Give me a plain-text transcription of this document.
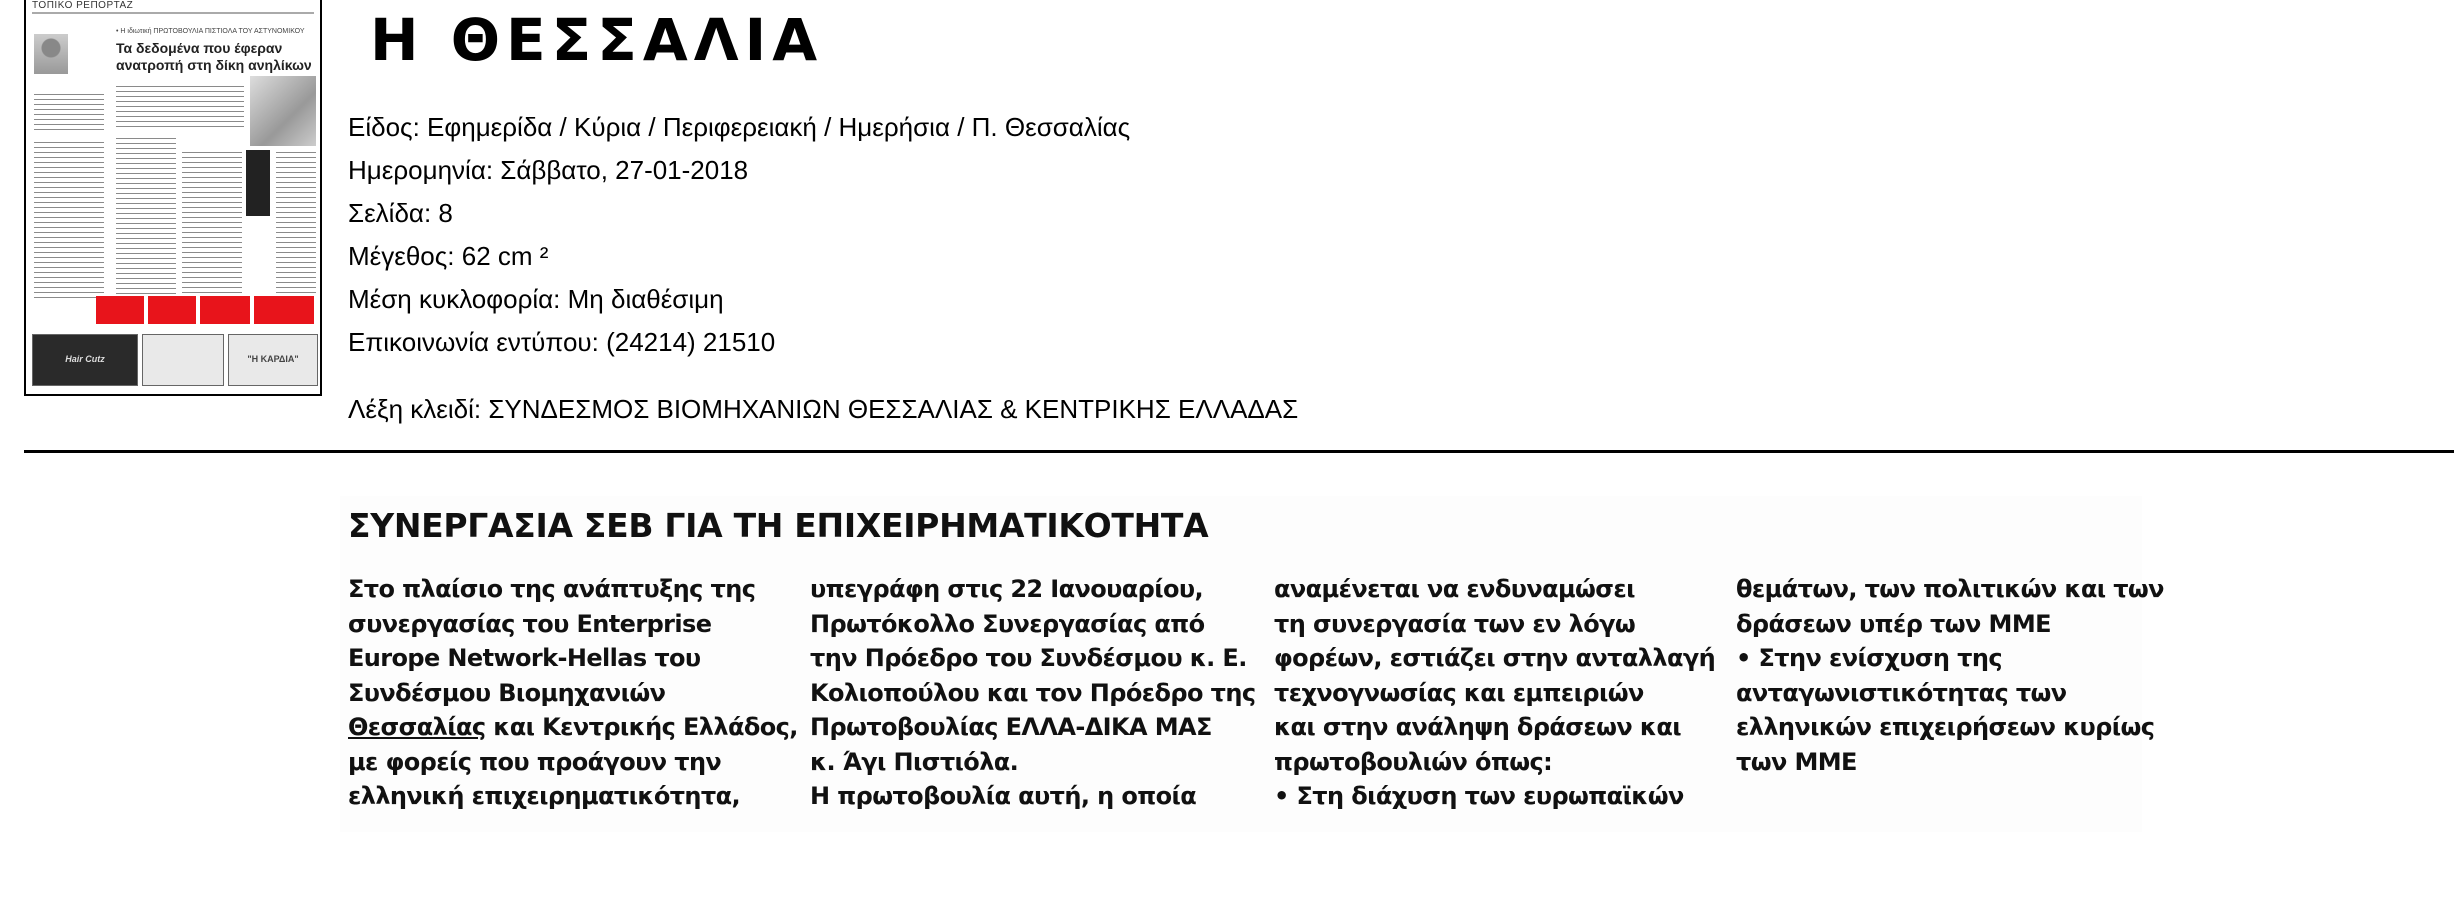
ΤΟΠΙΚΟ ΡΕΠΟΡΤΑΖ
• Η ιδιωτική ΠΡΩΤΟΒΟΥΛΙΑ ΠΙΣΤΙΟΛΑ ΤΟΥ ΑΣΤΥΝΟΜΙΚΟΥ
Τα δεδομένα που έφεραν ανατροπή στη δίκη ανηλίκων
Hair Cutz	"Η ΚΑΡΔΙΑ"
Η ΘΕΣΣΑΛΙΑ
Είδος: Εφημερίδα / Κύρια / Περιφερειακή / Ημερήσια / Π. Θεσσαλίας
Ημερομηνία: Σάββατο, 27-01-2018
Σελίδα: 8
Μέγεθος: 62 cm ²
Μέση κυκλοφορία: Μη διαθέσιμη
Επικοινωνία εντύπου: (24214) 21510
Λέξη κλειδί: ΣΥΝΔΕΣΜΟΣ ΒΙΟΜΗΧΑΝΙΩΝ ΘΕΣΣΑΛΙΑΣ & ΚΕΝΤΡΙΚΗΣ ΕΛΛΑΔΑΣ
ΣΥΝΕΡΓΑΣΙΑ ΣΕΒ ΓΙΑ ΤΗ ΕΠΙΧΕΙΡΗΜΑΤΙΚΟΤΗΤΑ
Στο πλαίσιο της ανάπτυξης της
συνεργασίας του Enterprise
Europe Network-Hellas του
Συνδέσμου Βιομηχανιών
Θεσσαλίας και Κεντρικής Ελλάδος,
με φορείς που προάγουν την
ελληνική επιχειρηματικότητα,
υπεγράφη στις 22 Ιανουαρίου,
Πρωτόκολλο Συνεργασίας από
την Πρόεδρο του Συνδέσμου κ. Ε.
Κολιοπούλου και τον Πρόεδρο της
Πρωτοβουλίας ΕΛΛΑ-ΔΙΚΑ ΜΑΣ
κ. Άγι Πιστιόλα.
Η πρωτοβουλία αυτή, η οποία
αναμένεται να ενδυναμώσει
τη συνεργασία των εν λόγω
φορέων, εστιάζει στην ανταλλαγή
τεχνογνωσίας και εμπειριών
και στην ανάληψη δράσεων και
πρωτοβουλιών όπως:
• Στη διάχυση των ευρωπαϊκών
θεμάτων, των πολιτικών και των
δράσεων υπέρ των ΜΜΕ
• Στην ενίσχυση της
ανταγωνιστικότητας των
ελληνικών επιχειρήσεων κυρίως
των ΜΜΕ
